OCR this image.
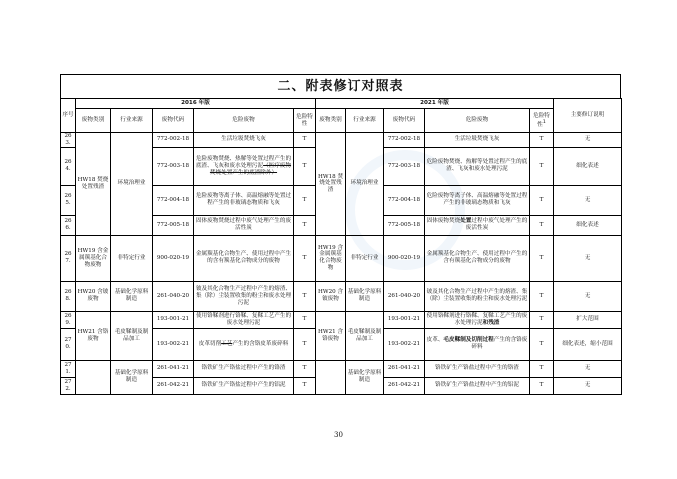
二、附表修订对照表
序号	2016 年版					2021 年版					主要修订说明
	废物类别	行业来源	废物代码	危险废物	危险特性	废物类别	行业来源	废物代码	危险废物	危险特性$^1$
263.	HW18 焚烧处置残渣	环境治理业	772-002-18	生活垃圾焚烧飞灰	T	HW18 焚烧处置残渣	环境治理业	772-002-18	生活垃圾焚烧飞灰	T	无
264.			772-003-18	危险废物焚烧、热解等处置过程产生的底渣、飞灰和废水处理污泥（医疗废物焚烧处置产生的底渣除外）	T			772-003-18	危险废物焚烧、热解等处置过程产生的底渣、飞灰和废水处理污泥	T	细化表述
265.			772-004-18	危险废物等离子体、高温熔融等处置过程产生的非玻璃态物质和飞灰	T			772-004-18	危险废物等离子体、高温熔融等处置过程产生的非玻璃态物质和飞灰	T	无
266.			772-005-18	固体废物焚烧过程中废气处理产生的废活性炭	T			772-005-18	固体废物焚烧处置过程中废气处理产生的废活性炭	T	细化表述
267.	HW19 含金属羰基化合物废物	非特定行业	900-020-19	金属羰基化合物生产、使用过程中产生的含有羰基化合物成分的废物	T	HW19 含金属羰基化合物废物	非特定行业	900-020-19	金属羰基化合物生产、使用过程中产生的含有羰基化合物成分的废物	T	无
268.	HW20 含铍废物	基础化学原料制造	261-040-20	铍及其化合物生产过程中产生的熔渣、集（除）尘装置收集的粉尘和废水处理污泥	T	HW20 含铍废物	基础化学原料制造	261-040-20	铍及其化合物生产过程中产生的熔渣、集（除）尘装置收集的粉尘和废水处理污泥	T	无
269.	HW21 含铬废物	毛皮鞣制及制品加工	193-001-21	使用铬鞣剂进行铬鞣、复鞣工艺产生的废水处理污泥	T	HW21 含铬废物	毛皮鞣制及制品加工	193-001-21	使用铬鞣剂进行铬鞣、复鞣工艺产生的废水处理污泥和残渣	T	扩大范围
270.			193-002-21	皮革切削工艺产生的含铬皮革废碎料	T			193-002-21	皮革、毛皮鞣制及切削过程产生的含铬废碎料	T	细化表述，缩小范围
271.		基础化学原料制造	261-041-21	铬铁矿生产铬盐过程中产生的铬渣	T		基础化学原料制造	261-041-21	铬铁矿生产铬盐过程中产生的铬渣	T	无
272.			261-042-21	铬铁矿生产铬盐过程中产生的铝泥	T			261-042-21	铬铁矿生产铬盐过程中产生的铝泥	T	无
30
